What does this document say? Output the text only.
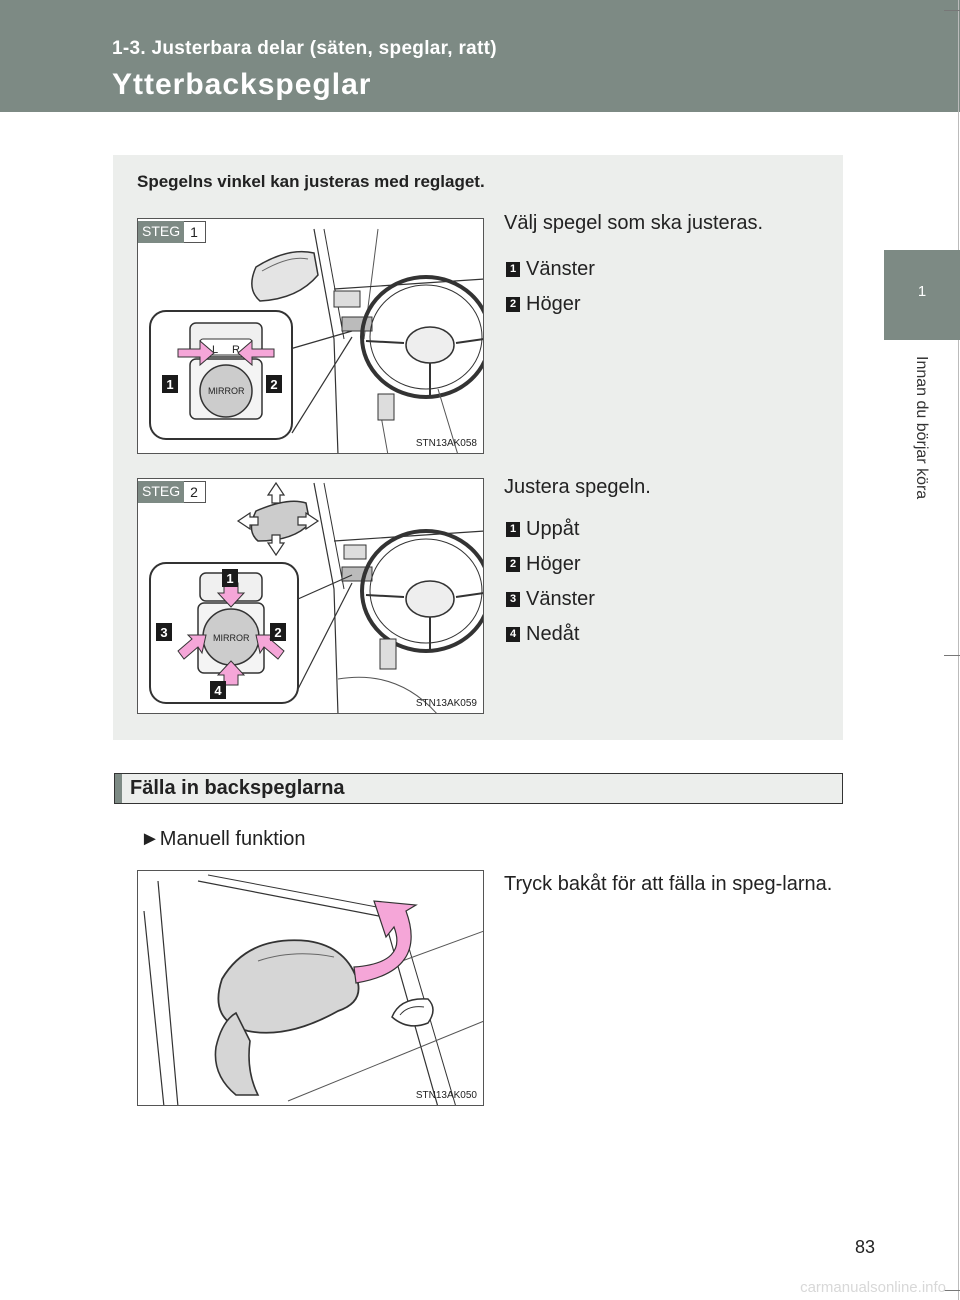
1-3. Justerbara delar (säten, speglar, ratt)
Ytterbackspeglar
1
Innan du börjar köra
Spegelns vinkel kan justeras med reglaget.
L R
MIRROR
1	2
STEG 1
STN13AK058
Välj spegel som ska justeras.
1 Vänster
2 Höger
MIRROR
1
2
3
4
STEG 2
STN13AK059
Justera spegeln.
1 Uppåt
2 Höger
3 Vänster
4 Nedåt
Fälla in backspeglarna
►Manuell funktion
STN13AK050
Tryck bakåt för att fälla in speg-larna.
83
carmanualsonline.info
